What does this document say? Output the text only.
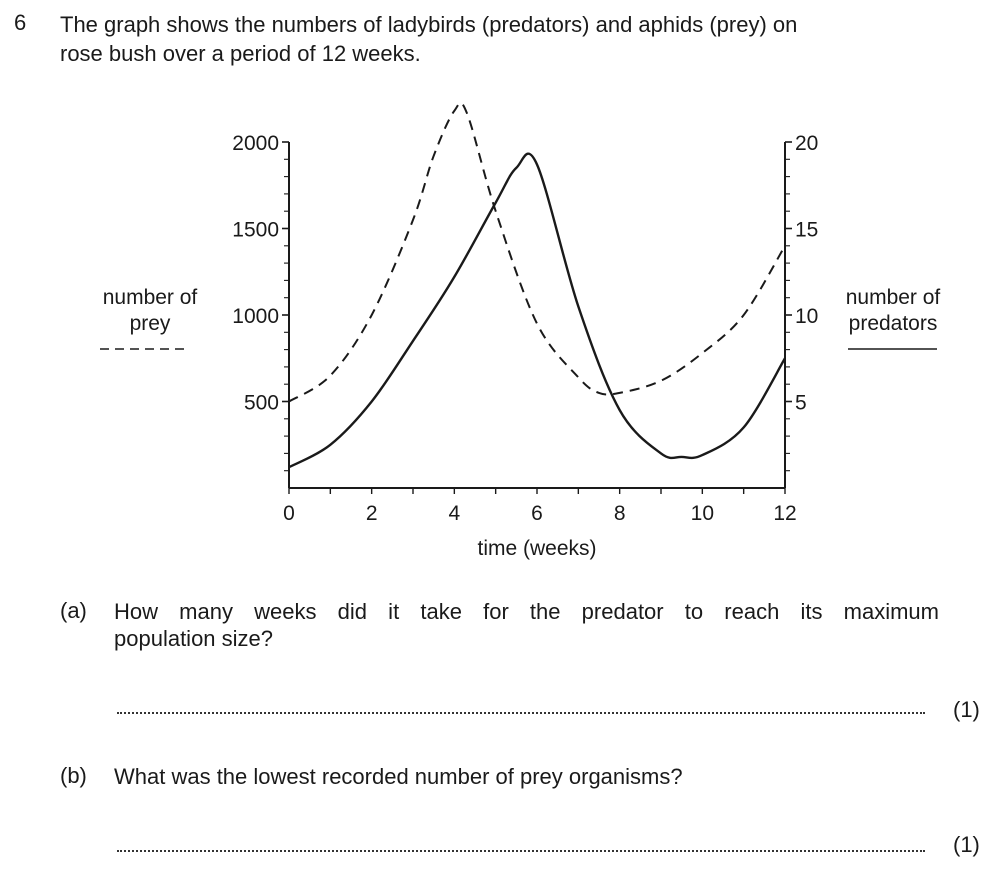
6 The graph shows the numbers of ladybirds (predators) and aphids (prey) on
rose bush over a period of 12 weeks.
500
1000
1500
2000
5
10
15
20
0	2	4	6	8	10	12
number of
prey
number of
predators
time (weeks)
(a) How many weeks did it take for the predator to reach its maximum
population size?
(1)
(b) What was the lowest recorded number of prey organisms?
(1)
